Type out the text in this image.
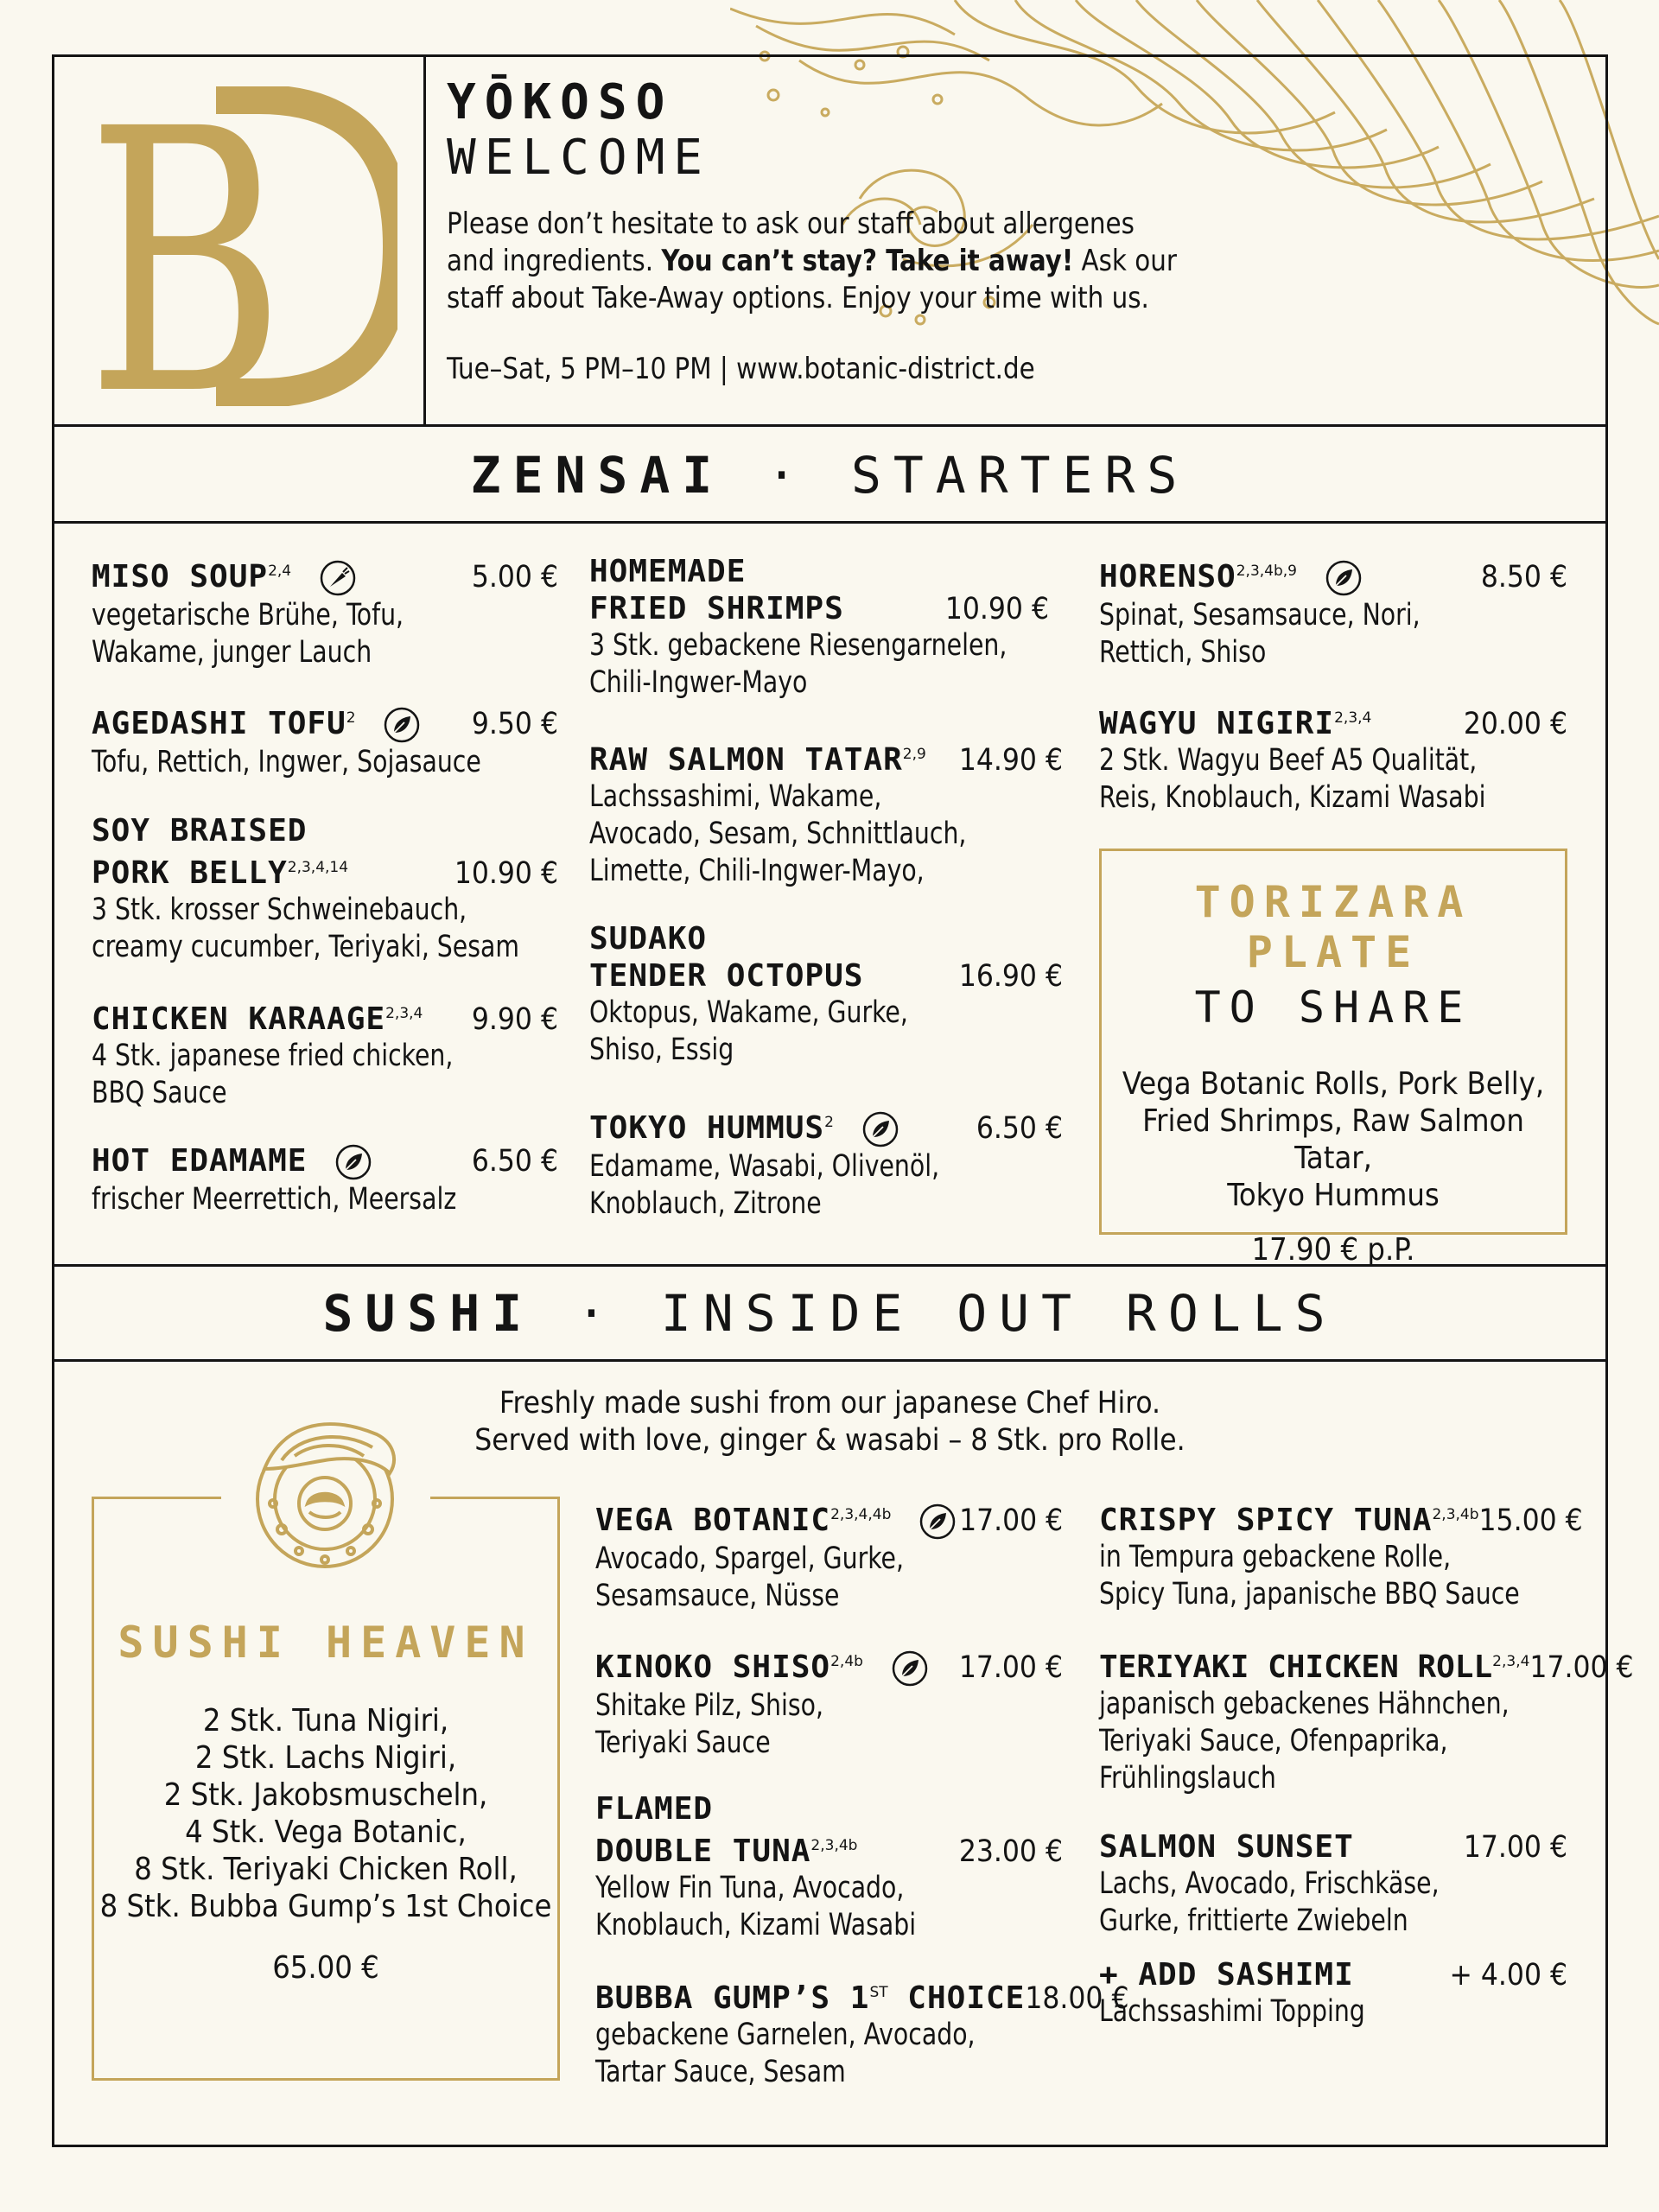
B	YŌKOSO
WELCOME
Please don’t hesitate to ask our staff about allergenes
and ingredients. You can’t stay? Take it away! Ask our
staff about Take-Away options. Enjoy your time with us.
Tue–Sat, 5 PM–10 PM | www.botanic-district.de
ZENSAI · STARTERS
MISO SOUP$^{2,4}$	5.00 €
vegetarische Brühe, Tofu,
Wakame, junger Lauch
AGEDASHI TOFU$^2$	9.50 €
Tofu, Rettich, Ingwer, Sojasauce
SOY BRAISED
PORK BELLY$^{2,3,4,14}$	10.90 €
3 Stk. krosser Schweinebauch,
creamy cucumber, Teriyaki, Sesam
CHICKEN KARAAGE$^{2,3,4}$ 9.90 €
4 Stk. japanese fried chicken,
BBQ Sauce
HOT EDAMAME	6.50 €
frischer Meerrettich, Meersalz
HOMEMADE
FRIED SHRIMPS	10.90 €
3 Stk. gebackene Riesengarnelen,
Chili-Ingwer-Mayo
RAW SALMON TATAR$^{2,9}$ 14.90 €
Lachssashimi, Wakame,
Avocado, Sesam, Schnittlauch,
Limette, Chili-Ingwer-Mayo,
SUDAKO
TENDER OCTOPUS	16.90 €
Oktopus, Wakame, Gurke,
Shiso, Essig
TOKYO HUMMUS$^2$	6.50 €
Edamame, Wasabi, Olivenöl,
Knoblauch, Zitrone
$HORENSO^{2,3,4b,9}$	8.50 €
Spinat, Sesamsauce, Nori,
Rettich, Shiso
WAGYU NIGIRI$^{2,3,4}$	20.00 €
2 Stk. Wagyu Beef A5 Qualität,
Reis, Knoblauch, Kizami Wasabi
TORIZARA PLATE
TO SHARE
Vega Botanic Rolls, Pork Belly,
Fried Shrimps, Raw Salmon Tatar,
Tokyo Hummus
17.90 € p.P.
SUSHI · INSIDE OUT ROLLS
Freshly made sushi from our japanese Chef Hiro.
Served with love, ginger & wasabi – 8 Stk. pro Rolle.
SUSHI HEAVEN
2 Stk. Tuna Nigiri,
2 Stk. Lachs Nigiri,
2 Stk. Jakobsmuscheln,
4 Stk. Vega Botanic,
8 Stk. Teriyaki Chicken Roll,
8 Stk. Bubba Gump’s 1st Choice
65.00 €
VEGA $BOTANIC^{2,3,4,4b}$	17.00 €
Avocado, Spargel, Gurke,
Sesamsauce, Nüsse
KINOKO $SHISO^{2,4b}$	17.00 €
Shitake Pilz, Shiso,
Teriyaki Sauce
FLAMED
DOUBLE $TUNA^{2,3,4b}$	23.00 €
Yellow Fin Tuna, Avocado,
Knoblauch, Kizami Wasabi
BUBBA GUMP’S 1ST CHOICE 18.00 €
gebackene Garnelen, Avocado,
Tartar Sauce, Sesam
CRISPY SPICY $TUNA^{2,3,4b}$ 15.00 €
in Tempura gebackene Rolle,
Spicy Tuna, japanische BBQ Sauce
TERIYAKI CHICKEN ROLL$^{2,3,4}$ 17.00 €
japanisch gebackenes Hähnchen,
Teriyaki Sauce, Ofenpaprika,
Frühlingslauch
SALMON SUNSET	17.00 €
Lachs, Avocado, Frischkäse,
Gurke, frittierte Zwiebeln
+ ADD SASHIMI	+ 4.00 €
Lachssashimi Topping
